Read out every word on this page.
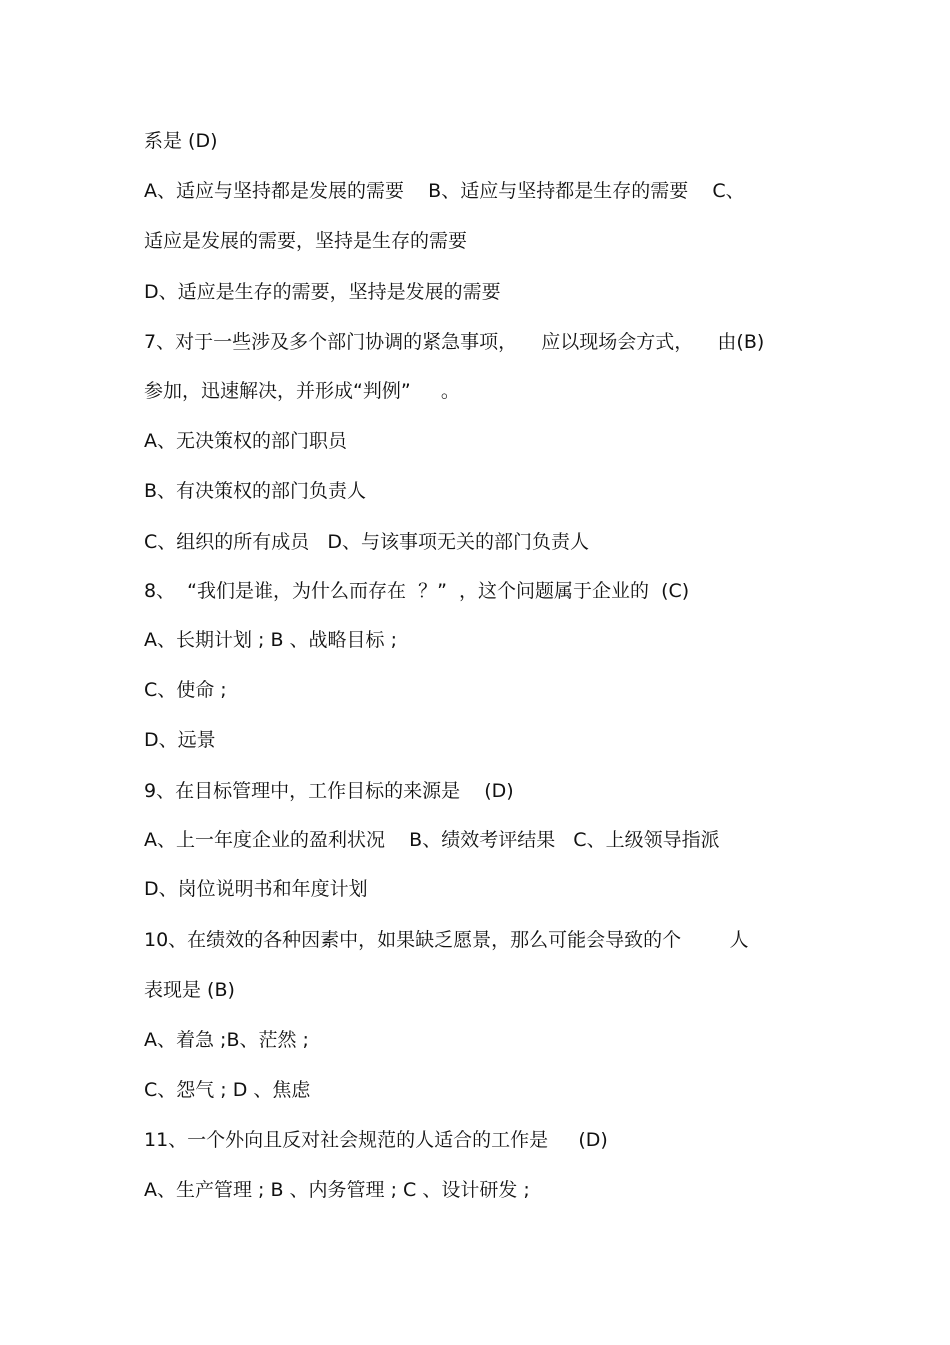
系是 (D)
A、适应与坚持都是发展的需要    B、适应与坚持都是生存的需要    C、
适应是发展的需要，坚持是生存的需要
D、适应是生存的需要，坚持是发展的需要
7、对于一些涉及多个部门协调的紧急事项，    应以现场会方式，    由(B)
参加，迅速解决，并形成“判例”     。
A、无决策权的部门职员
B、有决策权的部门负责人
C、组织的所有成员   D、与该事项无关的部门负责人
8、  “我们是谁，为什么而存在  ？”  ，这个问题属于企业的  (C)
A、长期计划 ; B 、战略目标 ;
C、使命 ;
D、远景
9、在目标管理中，工作目标的来源是    (D)
A、上一年度企业的盈利状况    B、绩效考评结果   C、上级领导指派
D、岗位说明书和年度计划
10、在绩效的各种因素中，如果缺乏愿景，那么可能会导致的个        人
表现是 (B)
A、着急 ;B、茫然 ;
C、怨气 ; D 、焦虑
11、一个外向且反对社会规范的人适合的工作是     (D)
A、生产管理 ; B 、内务管理 ; C 、设计研发 ;
